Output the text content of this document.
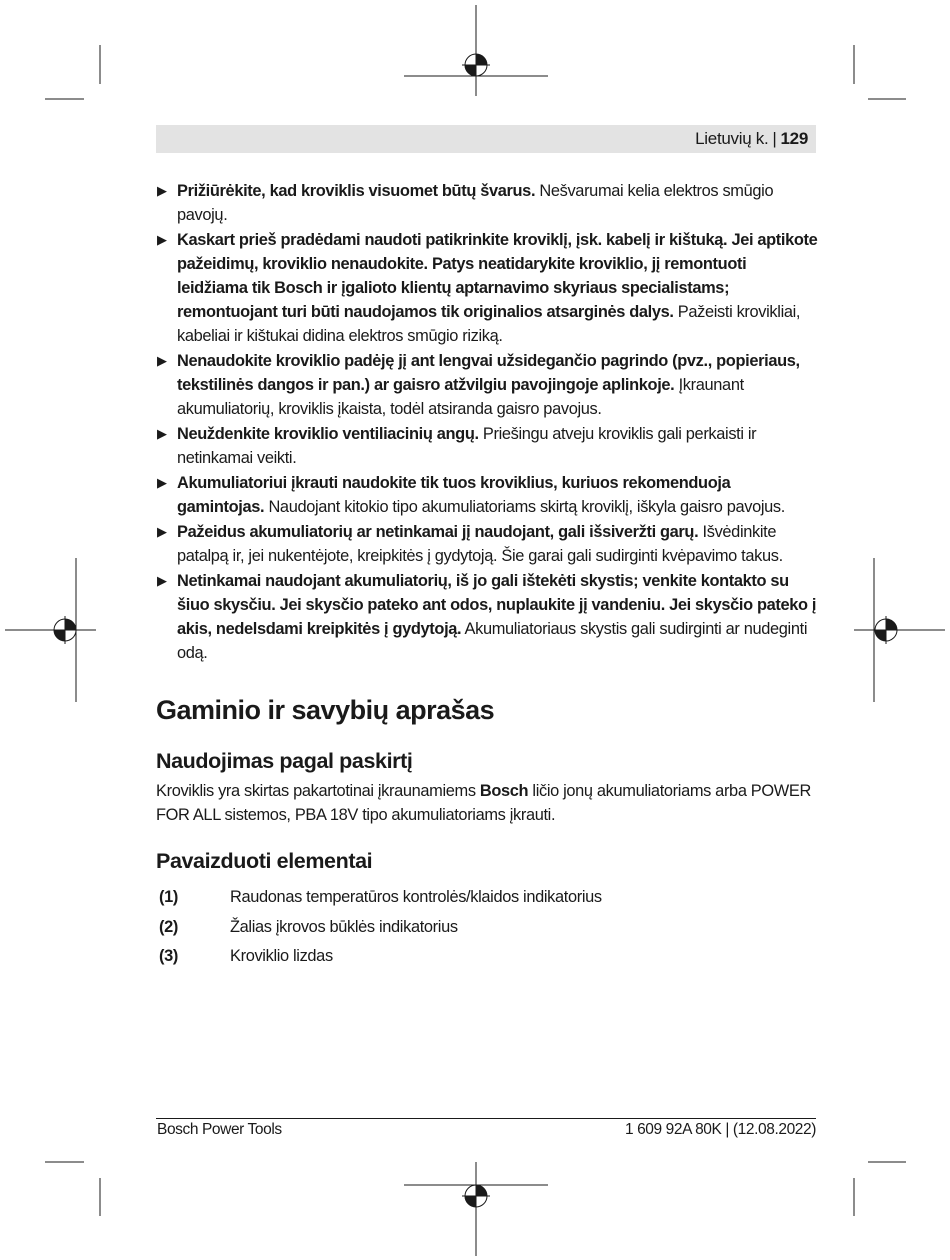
Lietuvių k. | 129
▶ Prižiūrėkite, kad kroviklis visuomet būtų švarus. Nešvarumai kelia elektros smūgio pavojų.
▶ Kaskart prieš pradėdami naudoti patikrinkite kroviklį, įsk. kabelį ir kištuką. Jei aptikote pažeidimų, kroviklio nenaudokite. Patys neatidarykite kroviklio, jį remontuoti leidžiama tik Bosch ir įgalioto klientų aptarnavimo skyriaus specialistams; remontuojant turi būti naudojamos tik originalios atsarginės dalys. Pažeisti krovikliai, kabeliai ir kištukai didina elektros smūgio riziką.
▶ Nenaudokite kroviklio padėję jį ant lengvai užsidegančio pagrindo (pvz., popieriaus, tekstilinės dangos ir pan.) ar gaisro atžvilgiu pavojingoje aplinkoje. Įkraunant akumuliatorių, kroviklis įkaista, todėl atsiranda gaisro pavojus.
▶ Neuždenkite kroviklio ventiliacinių angų. Priešingu atveju kroviklis gali perkaisti ir netinkamai veikti.
▶ Akumuliatoriui įkrauti naudokite tik tuos kroviklius, kuriuos rekomenduoja gamintojas. Naudojant kitokio tipo akumuliatoriams skirtą kroviklį, iškyla gaisro pavojus.
▶ Pažeidus akumuliatorių ar netinkamai jį naudojant, gali išsiveržti garų. Išvėdinkite patalpą ir, jei nukentėjote, kreipkitės į gydytoją. Šie garai gali sudirginti kvėpavimo takus.
▶ Netinkamai naudojant akumuliatorių, iš jo gali ištekėti skystis; venkite kontakto su šiuo skysčiu. Jei skysčio pateko ant odos, nuplaukite jį vandeniu. Jei skysčio pateko į akis, nedelsdami kreipkitės į gydytoją. Akumuliatoriaus skystis gali sudirginti ar nudeginti odą.
Gaminio ir savybių aprašas
Naudojimas pagal paskirtį

Kroviklis yra skirtas pakartotinai įkraunamiems Bosch ličio jonų akumuliatoriams arba POWER FOR ALL sistemos, PBA 18V tipo akumuliatoriams įkrauti.

Pavaizduoti elementai
(1)	Raudonas temperatūros kontrolės/klaidos indikatorius
(2)	Žalias įkrovos būklės indikatorius
(3)	Kroviklio lizdas
Bosch Power Tools	1 609 92A 80K | (12.08.2022)
